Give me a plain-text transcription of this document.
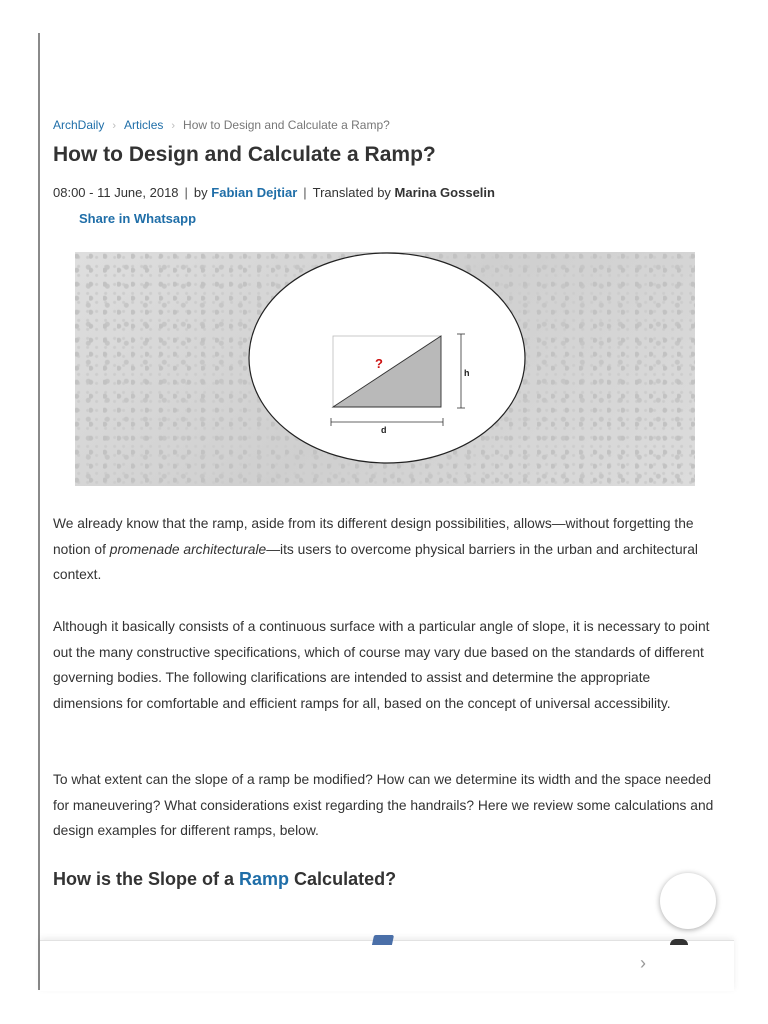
ArchDaily › Articles › How to Design and Calculate a Ramp?
How to Design and Calculate a Ramp?
08:00 - 11 June, 2018 | by Fabian Dejtiar | Translated by Marina Gosselin
Share in Whatsapp
?
h
d

We already know that the ramp, aside from its different design possibilities, allows—without forgetting the notion of promenade architecturale—its users to overcome physical barriers in the urban and architectural context.

Although it basically consists of a continuous surface with a particular angle of slope, it is necessary to point out the many constructive specifications, which of course may vary due based on the standards of different governing bodies. The following clarifications are intended to assist and determine the appropriate dimensions for comfortable and efficient ramps for all, based on the concept of universal accessibility.

To what extent can the slope of a ramp be modified? How can we determine its width and the space needed for maneuvering? What considerations exist regarding the handrails? Here we review some calculations and design examples for different ramps, below.

How is the Slope of a Ramp Calculated?
›
